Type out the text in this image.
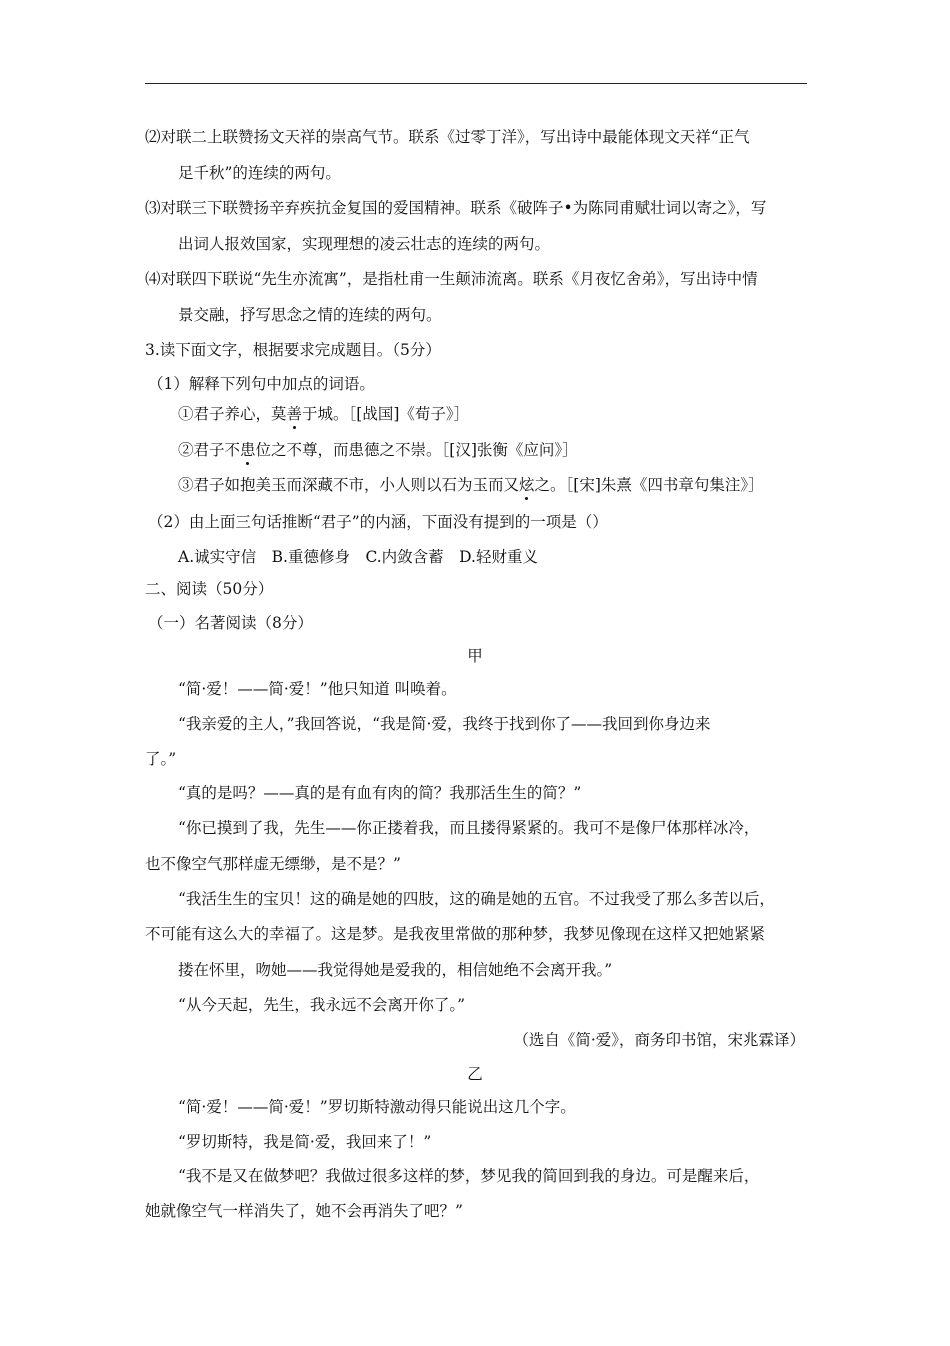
⑵对联二上联赞扬文天祥的崇高气节。联系《过零丁洋》，写出诗中最能体现文天祥“正气
足千秋”的连续的两句。
⑶对联三下联赞扬辛弃疾抗金复国的爱国精神。联系《破阵子•为陈同甫赋壮词以寄之》，写
出词人报效国家，实现理想的凌云壮志的连续的两句。
⑷对联四下联说“先生亦流寓”，是指杜甫一生颠沛流离。联系《月夜忆舍弟》，写出诗中情
景交融，抒写思念之情的连续的两句。
3.读下面文字，根据要求完成题目。（5分）
（1）解释下列句中加点的词语。
①君子养心，莫善于城。［[战国]《荀子》］
②君子不患位之不尊，而患德之不崇。［[汉]张衡《应问》］
③君子如抱美玉而深藏不市，小人则以石为玉而又炫之。［[宋]朱熹《四书章句集注》］
（2）由上面三句话推断“君子”的内涵，下面没有提到的一项是（）
A.诚实守信　B.重德修身　C.内敛含蓄　D.轻财重义
二、阅读（50分）
（一）名著阅读（8分）
甲
“简·爱！——简·爱！”他只知道 叫唤着。
“我亲爱的主人，”我回答说，“我是简·爱，我终于找到你了——我回到你身边来
了。”
“真的是吗？——真的是有血有肉的简？我那活生生的简？”
“你已摸到了我，先生——你正搂着我，而且搂得紧紧的。我可不是像尸体那样冰冷，
也不像空气那样虚无缥缈，是不是？”
“我活生生的宝贝！这的确是她的四肢，这的确是她的五官。不过我受了那么多苦以后，
不可能有这么大的幸福了。这是梦。是我夜里常做的那种梦，我梦见像现在这样又把她紧紧
搂在怀里，吻她——我觉得她是爱我的，相信她绝不会离开我。”
“从今天起，先生，我永远不会离开你了。”
（选自《简·爱》，商务印书馆，宋兆霖译）
乙
“简·爱！——简·爱！”罗切斯特激动得只能说出这几个字。
“罗切斯特，我是简·爱，我回来了！”
“我不是又在做梦吧？我做过很多这样的梦，梦见我的简回到我的身边。可是醒来后，
她就像空气一样消失了，她不会再消失了吧？”
